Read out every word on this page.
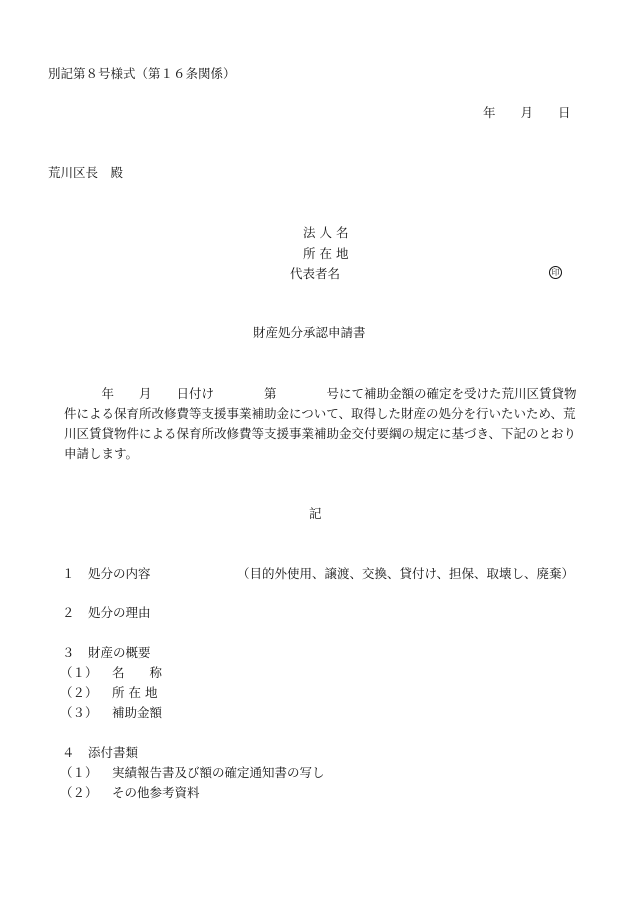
別記第８号様式（第１６条関係）
年　　月　　日
荒川区長　殿
法 人 名
所 在 地
代表者名	印
財産処分承認申請書
　　　年　　月　　日付け　　　　第　　　　号にて補助金額の確定を受けた荒川区賃貸物
件による保育所改修費等支援事業補助金について、取得した財産の処分を行いたいため、荒
川区賃貸物件による保育所改修費等支援事業補助金交付要綱の規定に基づき、下記のとおり
申請します。
記
１ 処分の内容	（目的外使用、譲渡、交換、貸付け、担保、取壊し、廃棄）
２ 処分の理由
３ 財産の概要
（１） 名　　称
（２） 所 在 地
（３） 補助金額
４ 添付書類
（１） 実績報告書及び額の確定通知書の写し
（２） その他参考資料
